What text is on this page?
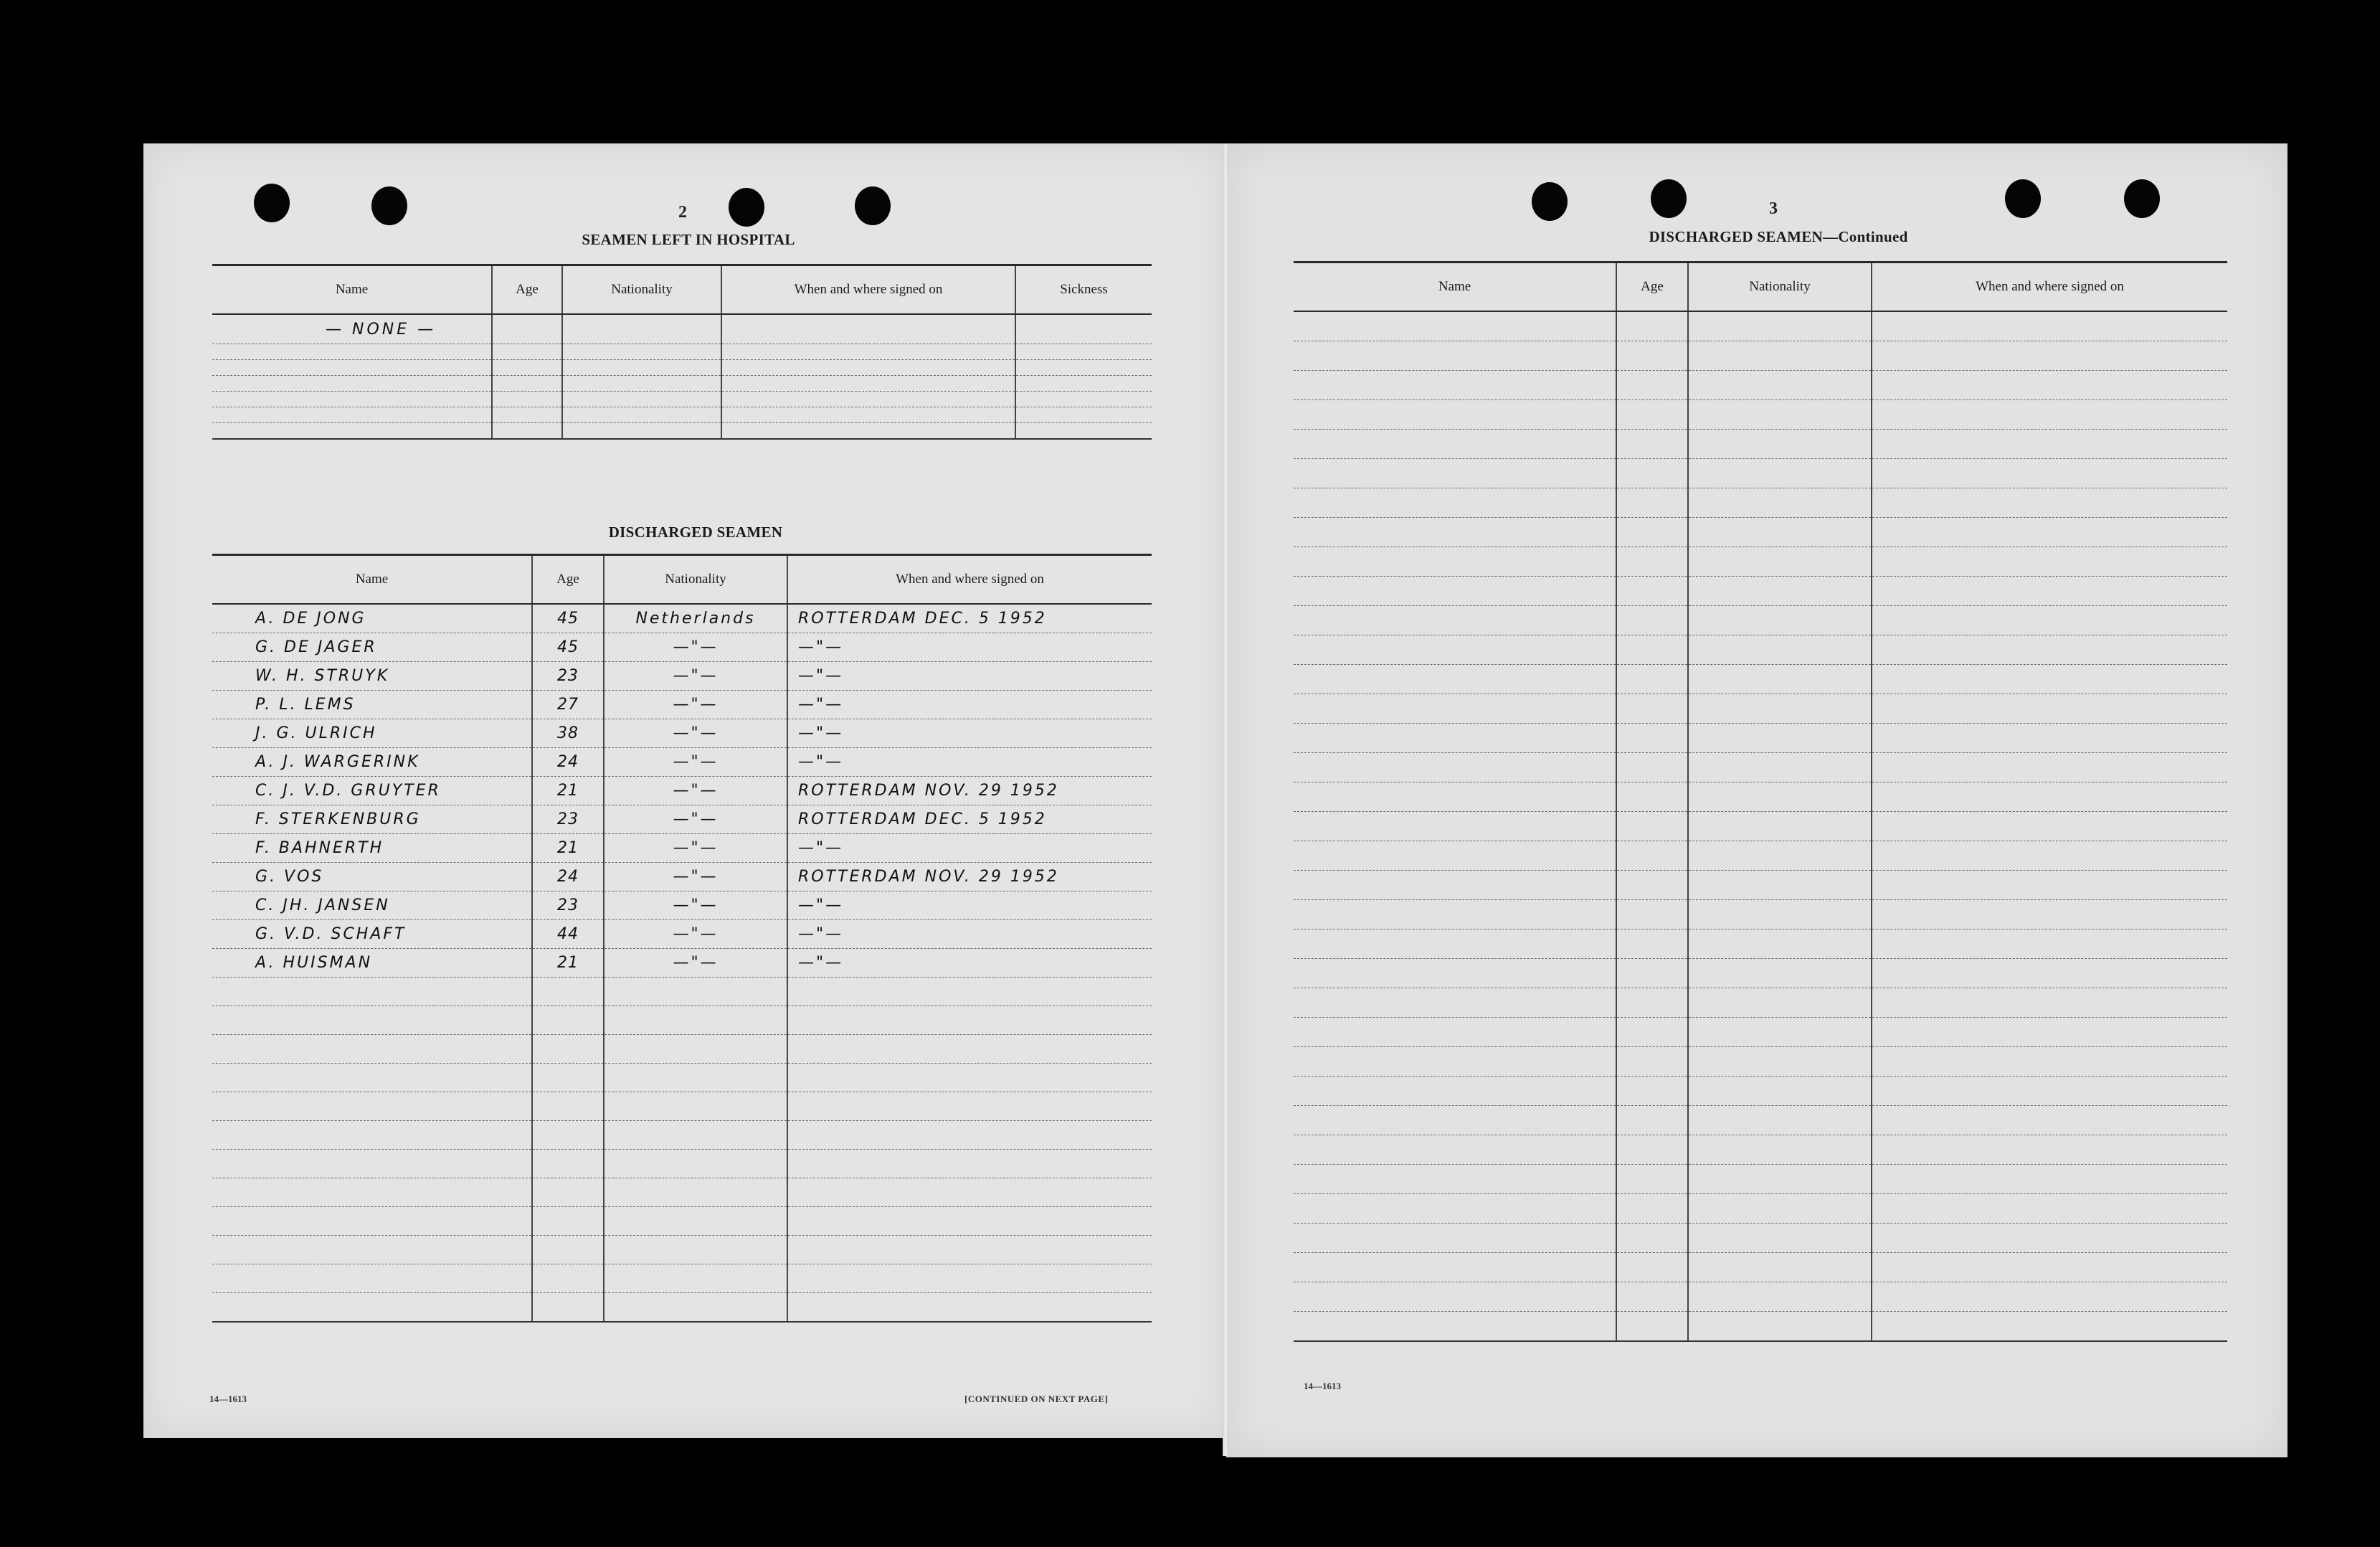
2
SEAMEN LEFT IN HOSPITAL
Name	Age	Nationality	When and where signed on	Sickness
— NONE —				

DISCHARGED SEAMEN
Name	Age	Nationality	When and where signed on
A. DE JONG	45	Netherlands	ROTTERDAM DEC. 5 1952
G. DE JAGER	45	—"—	—"—
W. H. STRUYK	23	—"—	—"—
P. L. LEMS	27	—"—	—"—
J. G. ULRICH	38	—"—	—"—
A. J. WARGERINK	24	—"—	—"—
C. J. V.D. GRUYTER	21	—"—	ROTTERDAM NOV. 29 1952
F. STERKENBURG	23	—"—	ROTTERDAM DEC. 5 1952
F. BAHNERTH	21	—"—	—"—
G. VOS	24	—"—	ROTTERDAM NOV. 29 1952
C. JH. JANSEN	23	—"—	—"—
G. V.D. SCHAFT	44	—"—	—"—
A. HUISMAN	21	—"—	—"—

14—1613	[CONTINUED ON NEXT PAGE]
3
DISCHARGED SEAMEN—Continued
Name	Age	Nationality	When and where signed on

14—1613
